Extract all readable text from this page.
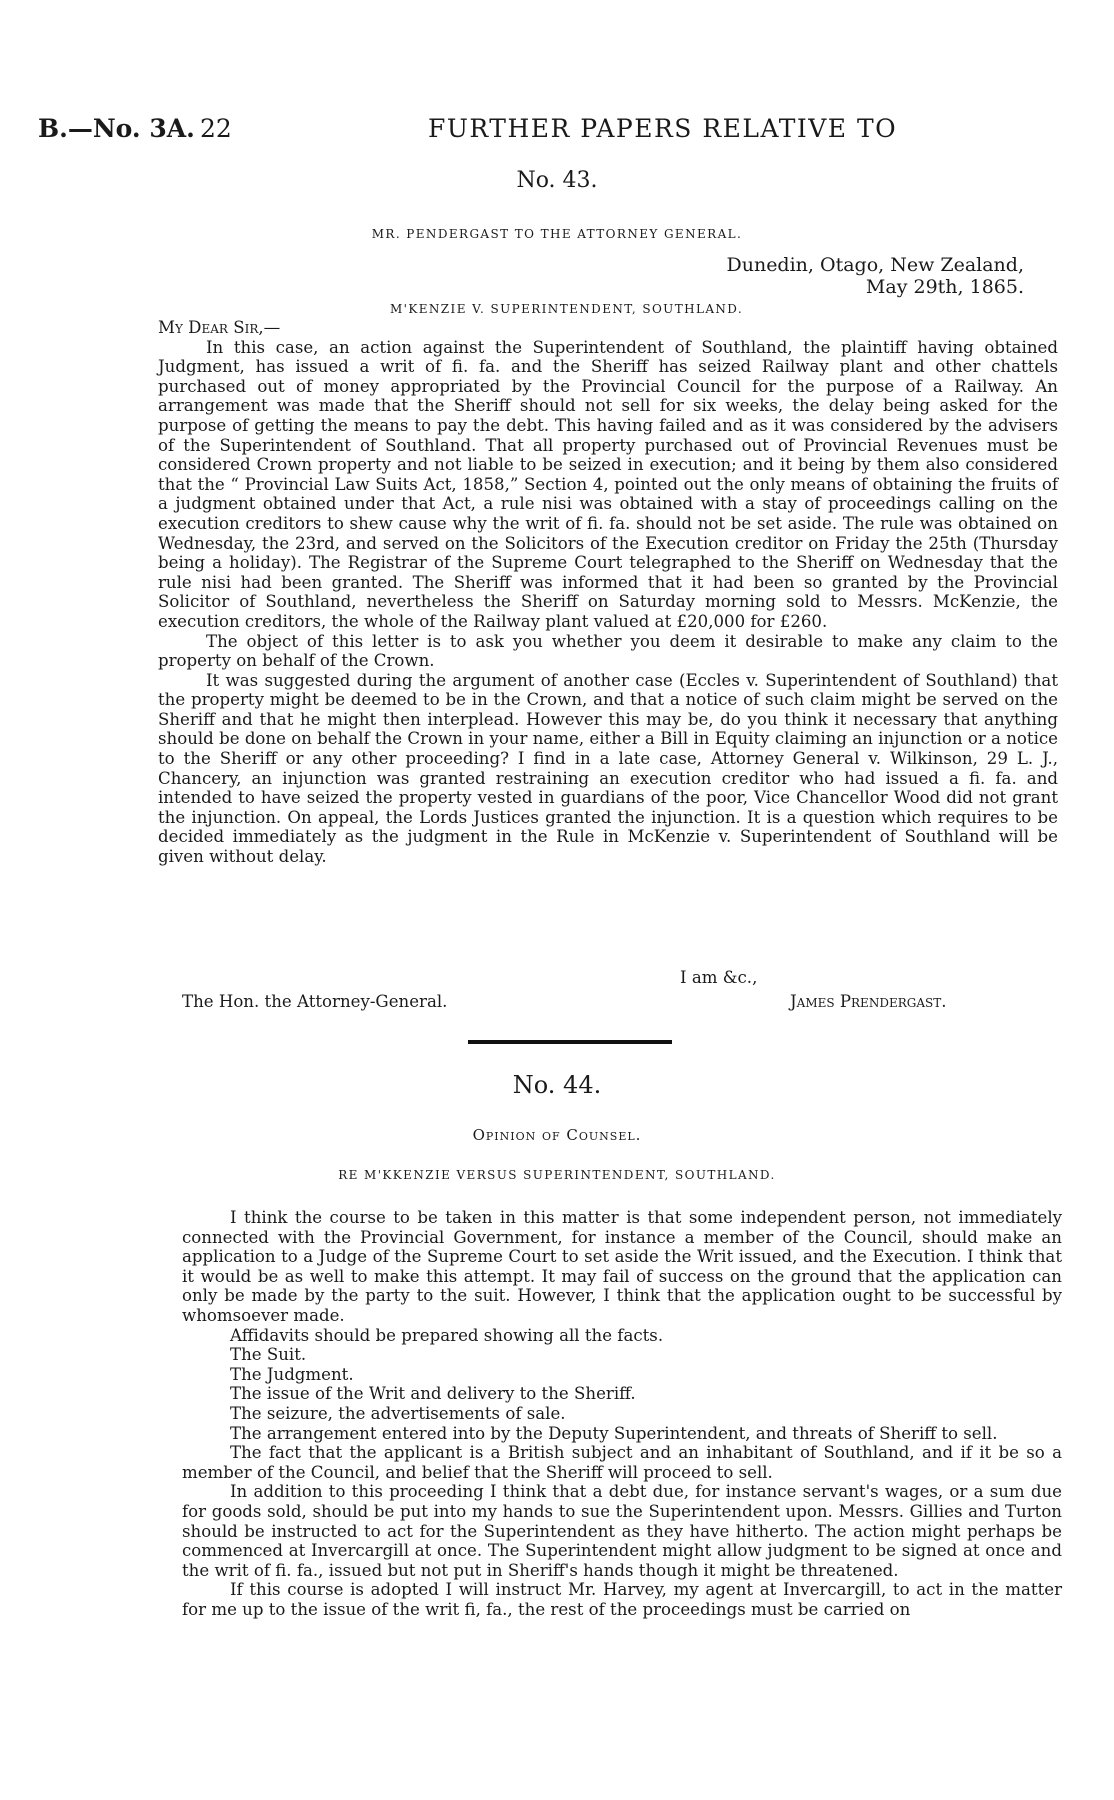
B.—No. 3A. 22	FURTHER PAPERS RELATIVE TO
No. 43.
MR. PENDERGAST TO THE ATTORNEY GENERAL.
Dunedin, Otago, New Zealand,
May 29th, 1865.
M'KENZIE V. SUPERINTENDENT, SOUTHLAND.

My Dear Sir,—

In this case, an action against the Superintendent of Southland, the plaintiff having obtained Judgment, has issued a writ of fi. fa. and the Sheriff has seized Railway plant and other chattels purchased out of money appropriated by the Provincial Council for the purpose of a Railway. An arrangement was made that the Sheriff should not sell for six weeks, the delay being asked for the purpose of getting the means to pay the debt. This having failed and as it was considered by the advisers of the Superintendent of Southland. That all property purchased out of Provincial Revenues must be considered Crown property and not liable to be seized in execution; and it being by them also considered that the “ Provincial Law Suits Act, 1858,” Section 4, pointed out the only means of obtaining the fruits of a judgment obtained under that Act, a rule nisi was obtained with a stay of proceedings calling on the execution creditors to shew cause why the writ of fi. fa. should not be set aside. The rule was obtained on Wednesday, the 23rd, and served on the Solicitors of the Execution creditor on Friday the 25th (Thursday being a holiday). The Registrar of the Supreme Court telegraphed to the Sheriff on Wednesday that the rule nisi had been granted. The Sheriff was informed that it had been so granted by the Provincial Solicitor of Southland, nevertheless the Sheriff on Saturday morning sold to Messrs. McKenzie, the execution creditors, the whole of the Railway plant valued at £20,000 for £260.

The object of this letter is to ask you whether you deem it desirable to make any claim to the property on behalf of the Crown.

It was suggested during the argument of another case (Eccles v. Superintendent of Southland) that the property might be deemed to be in the Crown, and that a notice of such claim might be served on the Sheriff and that he might then interplead. However this may be, do you think it necessary that anything should be done on behalf the Crown in your name, either a Bill in Equity claiming an injunction or a notice to the Sheriff or any other proceeding? I find in a late case, Attorney General v. Wilkinson, 29 L. J., Chancery, an injunction was granted restraining an execution creditor who had issued a fi. fa. and intended to have seized the property vested in guardians of the poor, Vice Chancellor Wood did not grant the injunction. On appeal, the Lords Justices granted the injunction. It is a question which requires to be decided immediately as the judgment in the Rule in McKenzie v. Superintendent of Southland will be given without delay.

I am &c.,
The Hon. the Attorney-General.	James Prendergast.
No. 44.
Opinion of Counsel.
RE M'KKENZIE VERSUS SUPERINTENDENT, SOUTHLAND.

I think the course to be taken in this matter is that some independent person, not immediately connected with the Provincial Government, for instance a member of the Council, should make an application to a Judge of the Supreme Court to set aside the Writ issued, and the Execution. I think that it would be as well to make this attempt. It may fail of success on the ground that the application can only be made by the party to the suit. However, I think that the application ought to be successful by whomsoever made.

Affidavits should be prepared showing all the facts.

The Suit.

The Judgment.

The issue of the Writ and delivery to the Sheriff.

The seizure, the advertisements of sale.

The arrangement entered into by the Deputy Superintendent, and threats of Sheriff to sell.

The fact that the applicant is a British subject and an inhabitant of Southland, and if it be so a member of the Council, and belief that the Sheriff will proceed to sell.

In addition to this proceeding I think that a debt due, for instance servant's wages, or a sum due for goods sold, should be put into my hands to sue the Superintendent upon. Messrs. Gillies and Turton should be instructed to act for the Superintendent as they have hitherto. The action might perhaps be commenced at Invercargill at once. The Superintendent might allow judgment to be signed at once and the writ of fi. fa., issued but not put in Sheriff's hands though it might be threatened.

If this course is adopted I will instruct Mr. Harvey, my agent at Invercargill, to act in the matter for me up to the issue of the writ fi, fa., the rest of the proceedings must be carried on
